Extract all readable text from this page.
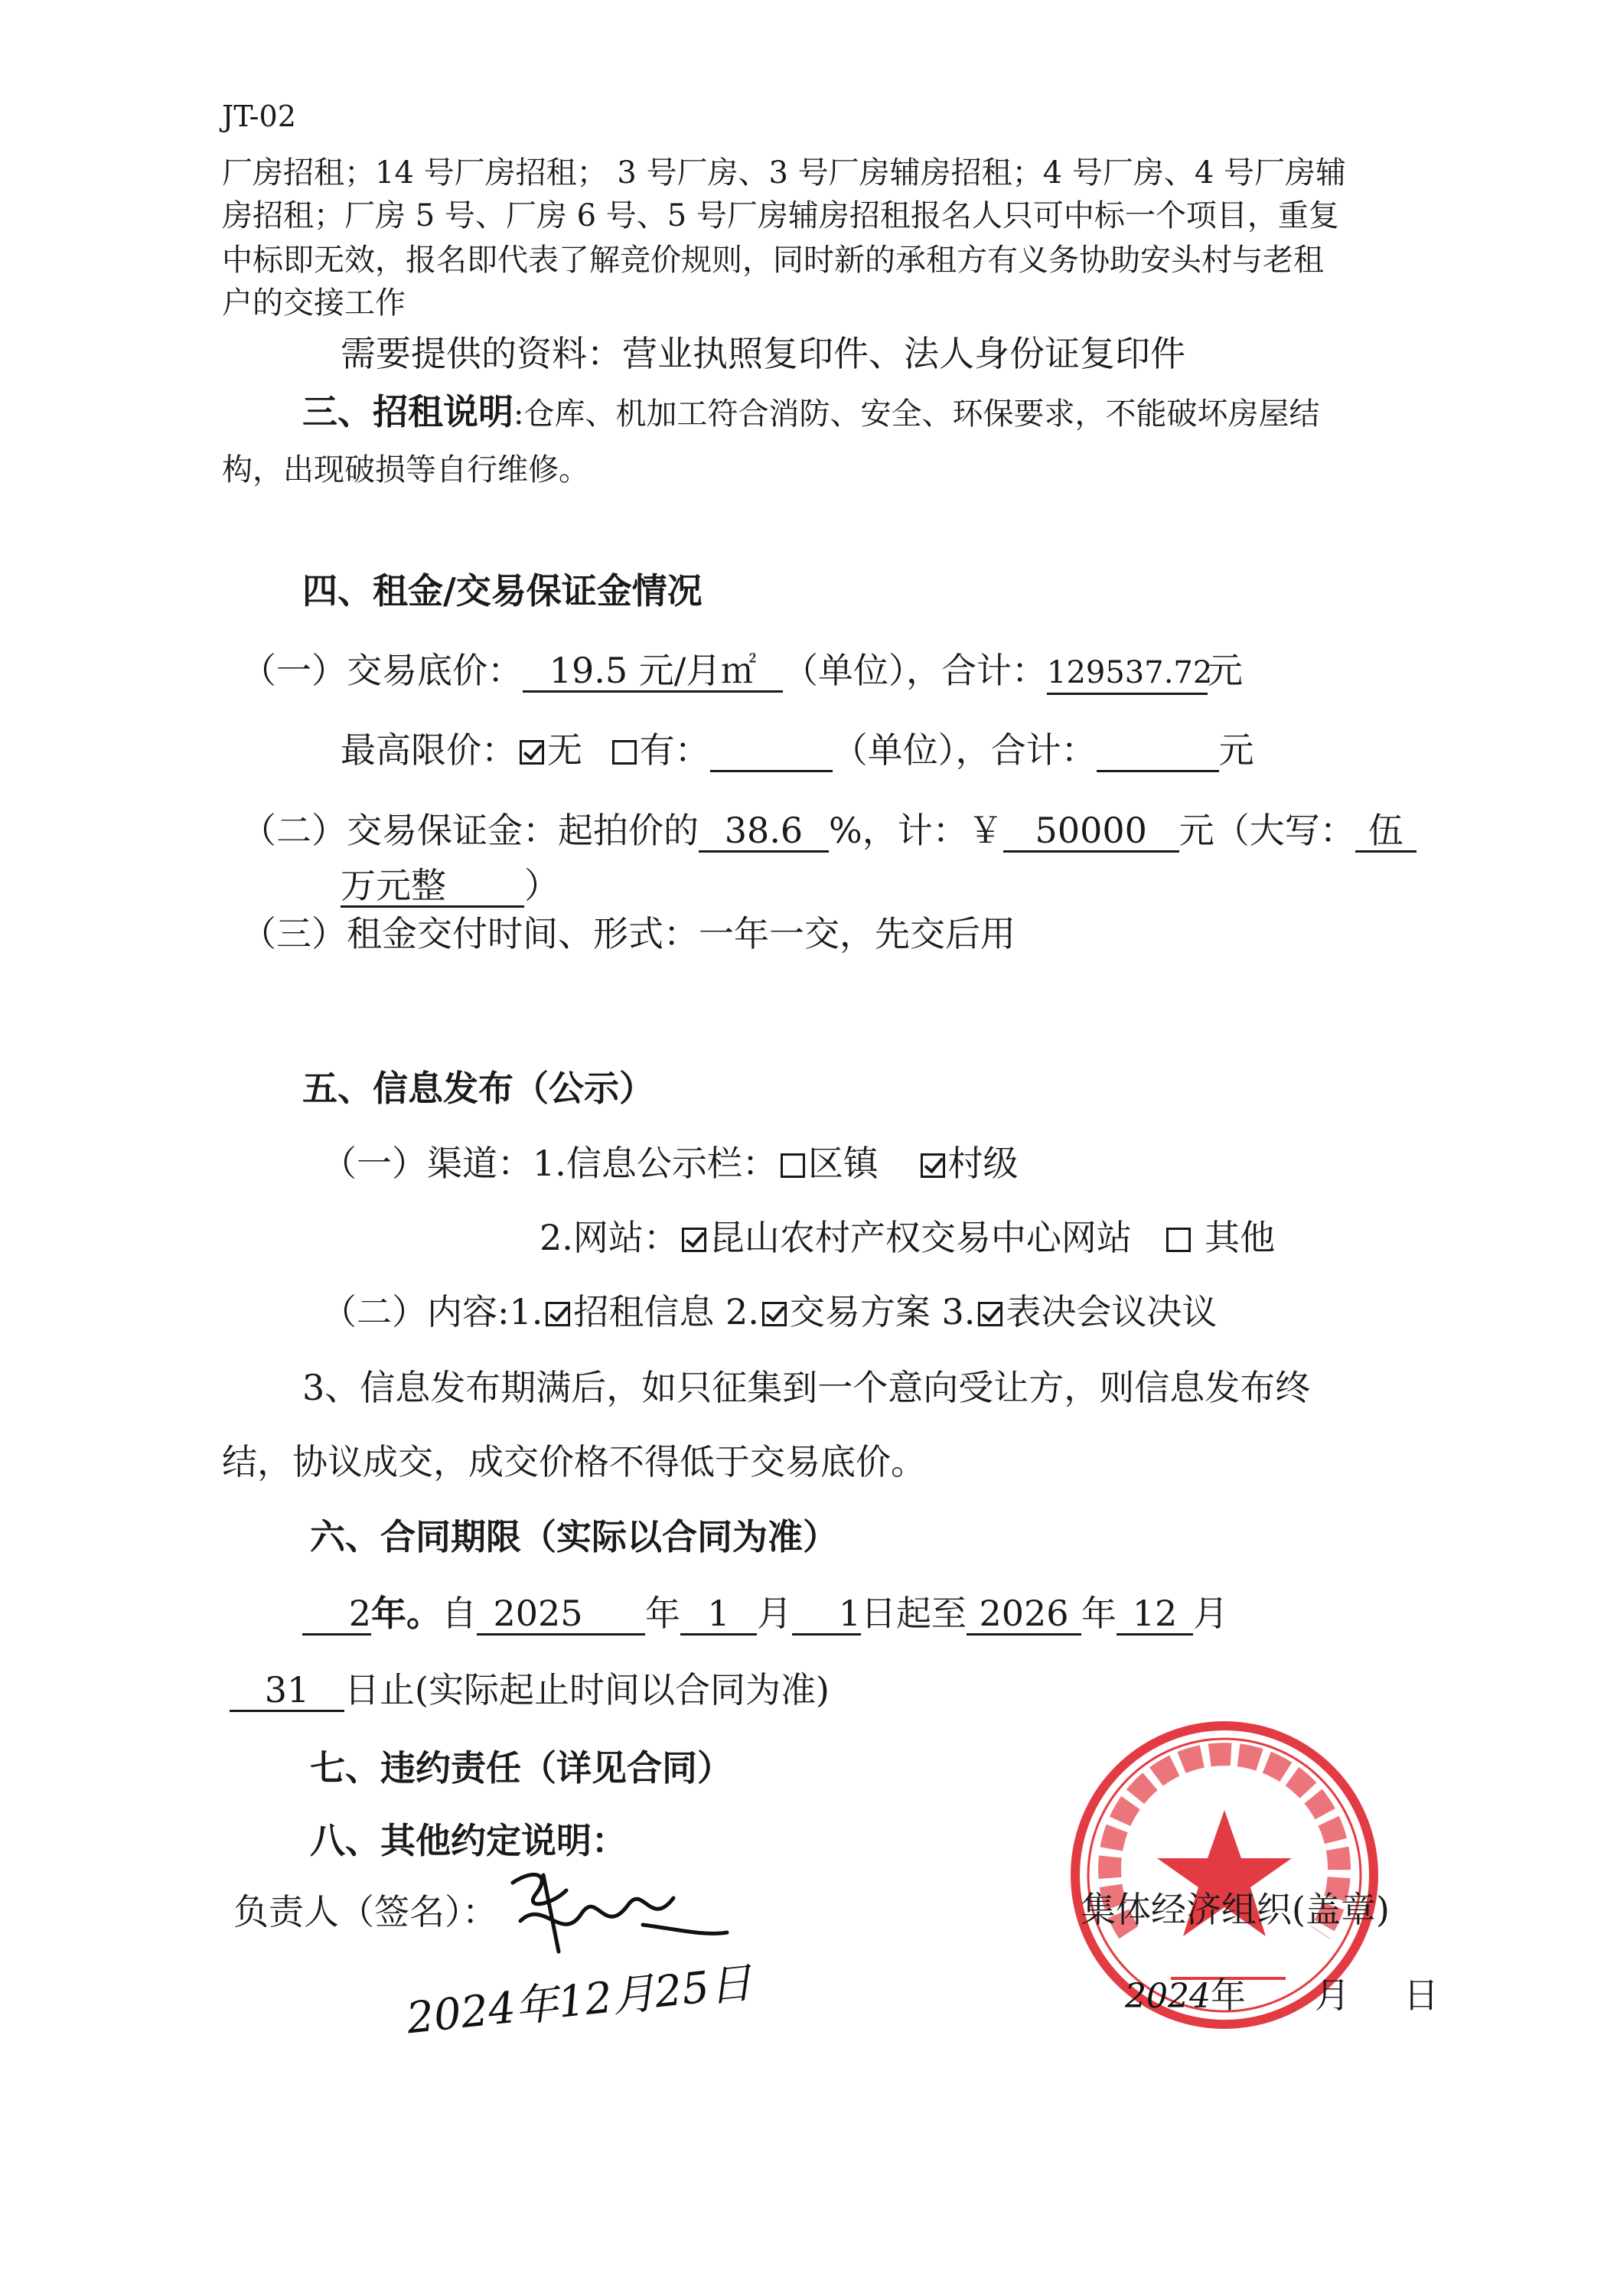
JT-02
厂房招租；14 号厂房招租； 3 号厂房、3 号厂房辅房招租；4 号厂房、4 号厂房辅
房招租；厂房 5 号、厂房 6 号、5 号厂房辅房招租报名人只可中标一个项目，重复
中标即无效，报名即代表了解竞价规则，同时新的承租方有义务协助安头村与老租
户的交接工作
需要提供的资料：营业执照复印件、法人身份证复印件
三、招租说明:仓库、机加工符合消防、安全、环保要求，不能破坏房屋结
构，出现破损等自行维修。
四、租金/交易保证金情况
（一）交易底价： 19.5 元/月㎡ （单位），合计：129537.72元
最高限价： 无 有：	（单位），合计：	元
（二）交易保证金：起拍价的 38.6 %，计：￥ 50000 元（大写： 伍
万元整 ）
（三）租金交付时间、形式：一年一交，先交后用
五、信息发布（公示）
（一）渠道：1.信息公示栏： 区镇 村级
2.网站： 昆山农村产权交易中心网站 其他
（二）内容:1. 招租信息 2. 交易方案 3. 表决会议决议
3、信息发布期满后，如只征集到一个意向受让方，则信息发布终
结，协议成交，成交价格不得低于交易底价。
六、合同期限（实际以合同为准）
2年。自 2025 年 1 月 1日起至 2026 年 12 月
31 日止(实际起止时间以合同为准)
七、违约责任（详见合同）
八、其他约定说明：
负责人（签名）：
2024年12月25日
集体经济组织(盖章)
2024年 月 日
